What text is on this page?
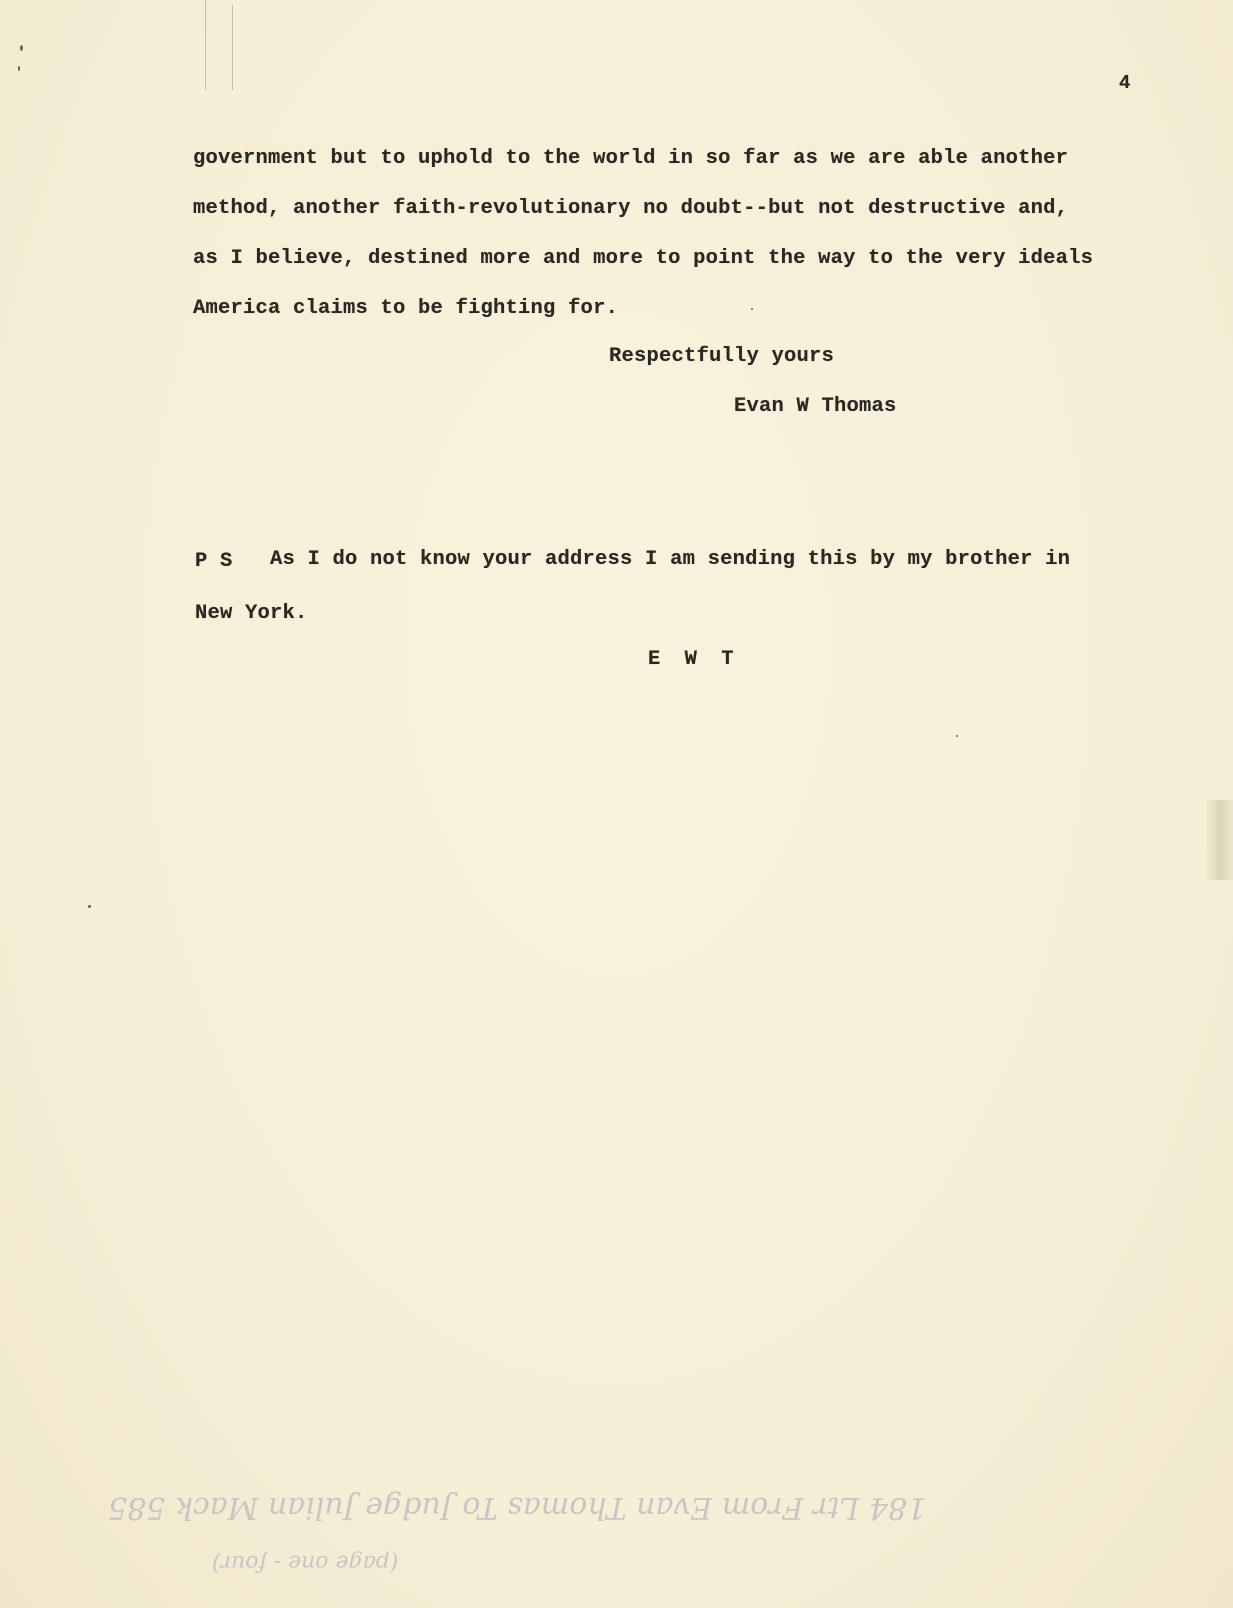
4
government but to uphold to the world in so far as we are able another
method, another faith-revolutionary no doubt--but not destructive and,
as I believe, destined more and more to point the way to the very ideals
America claims to be fighting for.
Respectfully yours
Evan W Thomas
P S As I do not know your address I am sending this by my brother in
New York.
E W T
184 Ltr From Evan Thomas To Judge Julian Mack 585
(page one - four)
